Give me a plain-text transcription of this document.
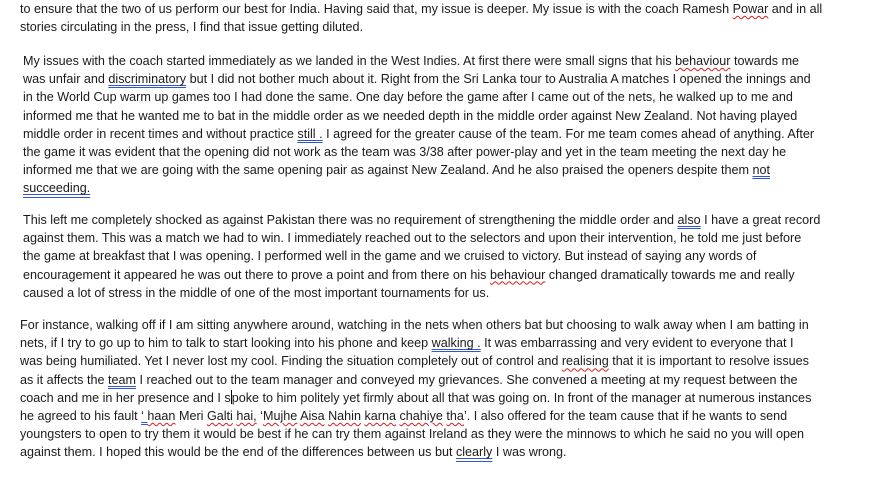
to ensure that the two of us perform our best for India. Having said that, my issue is deeper. My issue is with the coach Ramesh Powar and in all
stories circulating in the press, I find that issue getting diluted.
My issues with the coach started immediately as we landed in the West Indies. At first there were small signs that his behaviour towards me
was unfair and discriminatory but I did not bother much about it. Right from the Sri Lanka tour to Australia A matches I opened the innings and
in the World Cup warm up games too I had done the same. One day before the game after I came out of the nets, he walked up to me and
informed me that he wanted me to bat in the middle order as we needed depth in the middle order against New Zealand. Not having played
middle order in recent times and without practice still . I agreed for the greater cause of the team. For me team comes ahead of anything. After
the game it was evident that the opening did not work as the team was 3/38 after power-play and yet in the team meeting the next day he
informed me that we are going with the same opening pair as against New Zealand. And he also praised the openers despite them not
succeeding.
This left me completely shocked as against Pakistan there was no requirement of strengthening the middle order and also I have a great record
against them. This was a match we had to win. I immediately reached out to the selectors and upon their intervention, he told me just before
the game at breakfast that I was opening. I performed well in the game and we cruised to victory. But instead of saying any words of
encouragement it appeared he was out there to prove a point and from there on his behaviour changed dramatically towards me and really
caused a lot of stress in the middle of one of the most important tournaments for us.
For instance, walking off if I am sitting anywhere around, watching in the nets when others bat but choosing to walk away when I am batting in
nets, if I try to go up to him to talk to start looking into his phone and keep walking . It was embarrassing and very evident to everyone that I
was being humiliated. Yet I never lost my cool. Finding the situation completely out of control and realising that it is important to resolve issues
as it affects the team I reached out to the team manager and conveyed my grievances. She convened a meeting at my request between the
coach and me in her presence and I spoke to him politely yet firmly about all that was going on. In front of the manager at numerous instances
he agreed to his fault ‘ haan Meri Galti hai, ‘Mujhe Aisa Nahin karna chahiye tha’. I also offered for the team cause that if he wants to send
youngsters to open to try them it would be best if he can try them against Ireland as they were the minnows to which he said no you will open
against them. I hoped this would be the end of the differences between us but clearly I was wrong.
